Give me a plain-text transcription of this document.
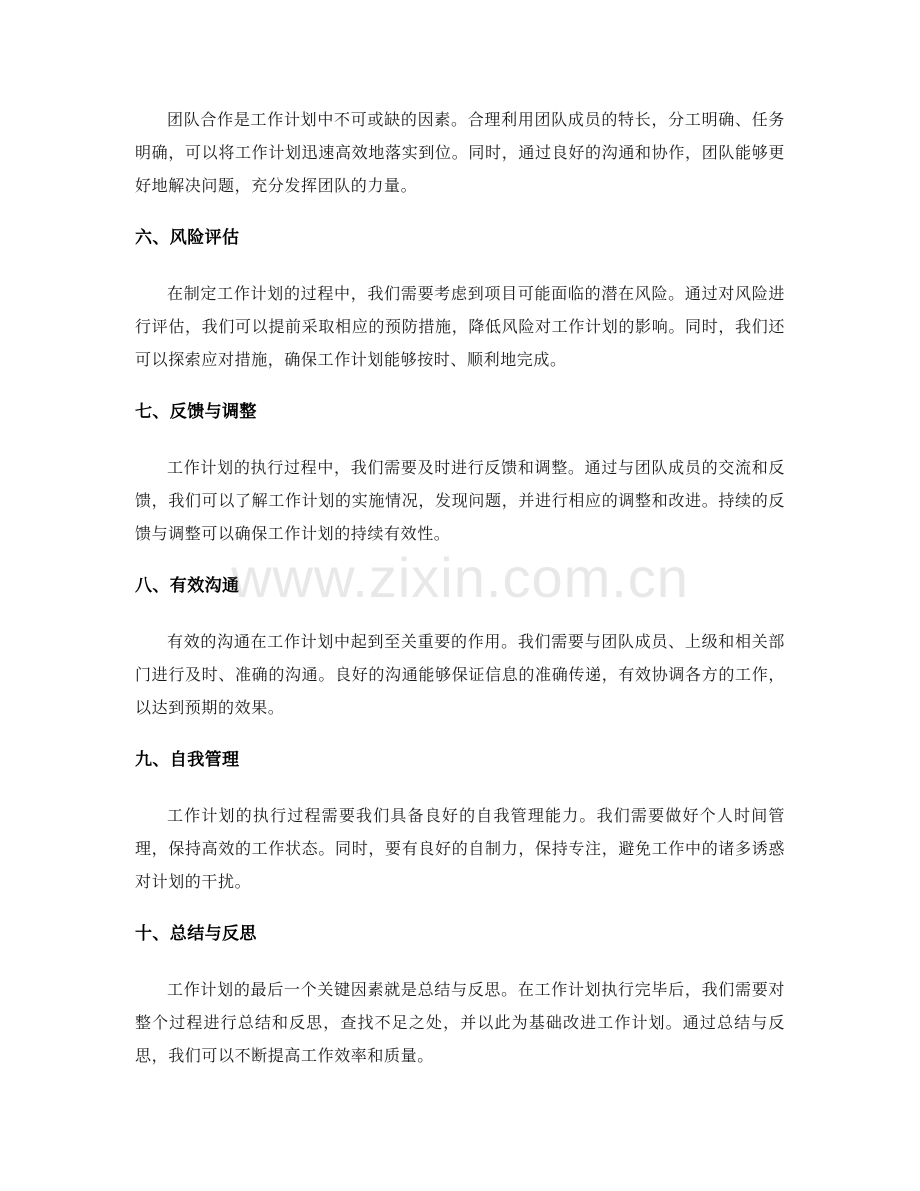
团队合作是工作计划中不可或缺的因素。合理利用团队成员的特长，分工明确、任务明确，可以将工作计划迅速高效地落实到位。同时，通过良好的沟通和协作，团队能够更好地解决问题，充分发挥团队的力量。

六、风险评估

在制定工作计划的过程中，我们需要考虑到项目可能面临的潜在风险。通过对风险进行评估，我们可以提前采取相应的预防措施，降低风险对工作计划的影响。同时，我们还可以探索应对措施，确保工作计划能够按时、顺利地完成。

七、反馈与调整

工作计划的执行过程中，我们需要及时进行反馈和调整。通过与团队成员的交流和反馈，我们可以了解工作计划的实施情况，发现问题，并进行相应的调整和改进。持续的反馈与调整可以确保工作计划的持续有效性。

八、有效沟通

有效的沟通在工作计划中起到至关重要的作用。我们需要与团队成员、上级和相关部门进行及时、准确的沟通。良好的沟通能够保证信息的准确传递，有效协调各方的工作，以达到预期的效果。

九、自我管理

工作计划的执行过程需要我们具备良好的自我管理能力。我们需要做好个人时间管理，保持高效的工作状态。同时，要有良好的自制力，保持专注，避免工作中的诸多诱惑对计划的干扰。

十、总结与反思

工作计划的最后一个关键因素就是总结与反思。在工作计划执行完毕后，我们需要对整个过程进行总结和反思，查找不足之处，并以此为基础改进工作计划。通过总结与反思，我们可以不断提高工作效率和质量。

www.zixin.com.cn
